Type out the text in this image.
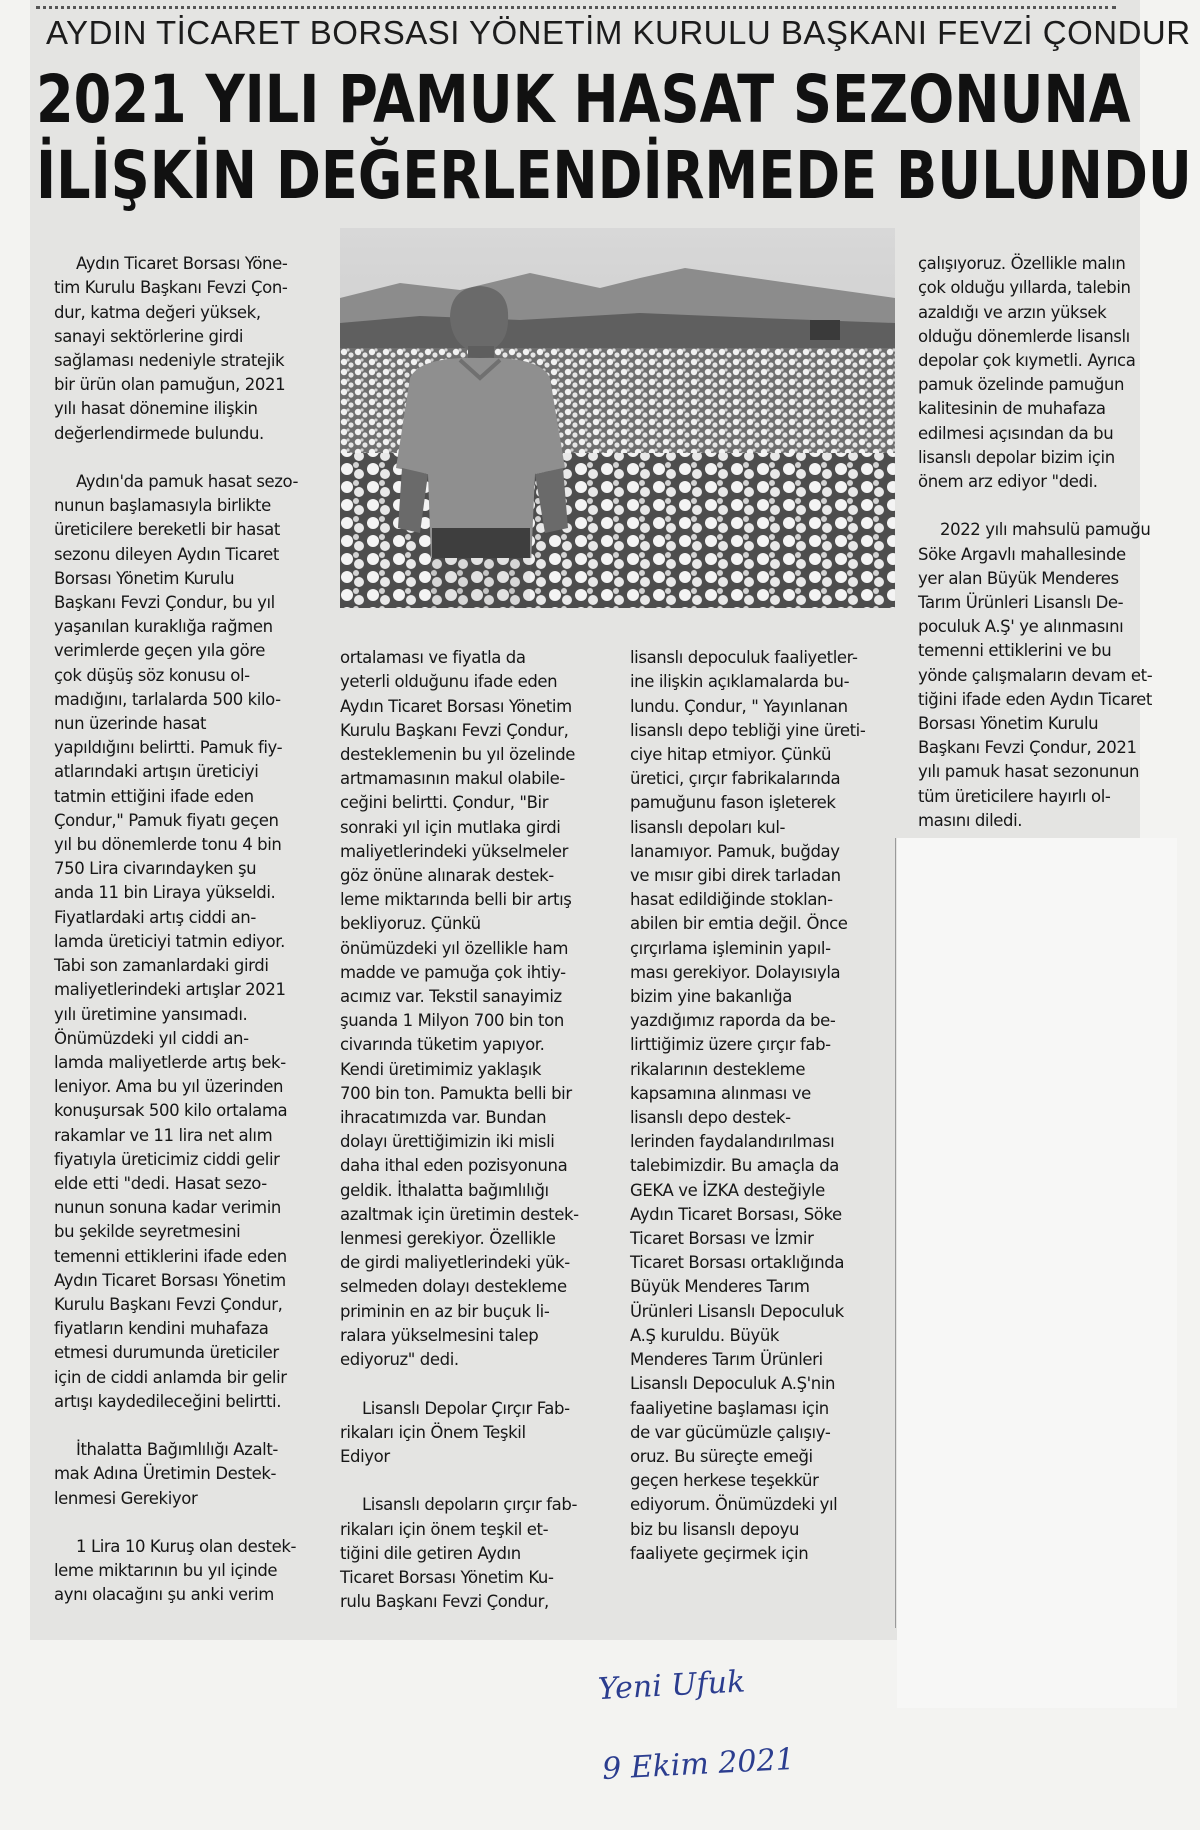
AYDIN TİCARET BORSASI YÖNETİM KURULU BAŞKANI FEVZİ ÇONDUR
2021 YILI PAMUK HASAT SEZONUNA
İLİŞKİN DEĞERLENDİRMEDE BULUNDU

Aydın Ticaret Borsası Yöne-
tim Kurulu Başkanı Fevzi Çon-
dur, katma değeri yüksek,
sanayi sektörlerine girdi
sağlaması nedeniyle stratejik
bir ürün olan pamuğun, 2021
yılı hasat dönemine ilişkin
değerlendirmede bulundu.

Aydın'da pamuk hasat sezo-
nunun başlamasıyla birlikte
üreticilere bereketli bir hasat
sezonu dileyen Aydın Ticaret
Borsası Yönetim Kurulu
Başkanı Fevzi Çondur, bu yıl
yaşanılan kuraklığa rağmen
verimlerde geçen yıla göre
çok düşüş söz konusu ol-
madığını, tarlalarda 500 kilo-
nun üzerinde hasat
yapıldığını belirtti. Pamuk fiy-
atlarındaki artışın üreticiyi
tatmin ettiğini ifade eden
Çondur," Pamuk fiyatı geçen
yıl bu dönemlerde tonu 4 bin
750 Lira civarındayken şu
anda 11 bin Liraya yükseldi.
Fiyatlardaki artış ciddi an-
lamda üreticiyi tatmin ediyor.
Tabi son zamanlardaki girdi
maliyetlerindeki artışlar 2021
yılı üretimine yansımadı.
Önümüzdeki yıl ciddi an-
lamda maliyetlerde artış bek-
leniyor. Ama bu yıl üzerinden
konuşursak 500 kilo ortalama
rakamlar ve 11 lira net alım
fiyatıyla üreticimiz ciddi gelir
elde etti "dedi. Hasat sezo-
nunun sonuna kadar verimin
bu şekilde seyretmesini
temenni ettiklerini ifade eden
Aydın Ticaret Borsası Yönetim
Kurulu Başkanı Fevzi Çondur,
fiyatların kendini muhafaza
etmesi durumunda üreticiler
için de ciddi anlamda bir gelir
artışı kaydedileceğini belirtti.

İthalatta Bağımlılığı Azalt-
mak Adına Üretimin Destek-
lenmesi Gerekiyor

1 Lira 10 Kuruş olan destek-
leme miktarının bu yıl içinde
aynı olacağını şu anki verim

ortalaması ve fiyatla da
yeterli olduğunu ifade eden
Aydın Ticaret Borsası Yönetim
Kurulu Başkanı Fevzi Çondur,
desteklemenin bu yıl özelinde
artmamasının makul olabile-
ceğini belirtti. Çondur, "Bir
sonraki yıl için mutlaka girdi
maliyetlerindeki yükselmeler
göz önüne alınarak destek-
leme miktarında belli bir artış
bekliyoruz. Çünkü
önümüzdeki yıl özellikle ham
madde ve pamuğa çok ihtiy-
acımız var. Tekstil sanayimiz
şuanda 1 Milyon 700 bin ton
civarında tüketim yapıyor.
Kendi üretimimiz yaklaşık
700 bin ton. Pamukta belli bir
ihracatımızda var. Bundan
dolayı ürettiğimizin iki misli
daha ithal eden pozisyonuna
geldik. İthalatta bağımlılığı
azaltmak için üretimin destek-
lenmesi gerekiyor. Özellikle
de girdi maliyetlerindeki yük-
selmeden dolayı destekleme
priminin en az bir buçuk li-
ralara yükselmesini talep
ediyoruz" dedi.

Lisanslı Depolar Çırçır Fab-
rikaları için Önem Teşkil
Ediyor

Lisanslı depoların çırçır fab-
rikaları için önem teşkil et-
tiğini dile getiren Aydın
Ticaret Borsası Yönetim Ku-
rulu Başkanı Fevzi Çondur,

lisanslı depoculuk faaliyetler-
ine ilişkin açıklamalarda bu-
lundu. Çondur, " Yayınlanan
lisanslı depo tebliği yine üreti-
ciye hitap etmiyor. Çünkü
üretici, çırçır fabrikalarında
pamuğunu fason işleterek
lisanslı depoları kul-
lanamıyor. Pamuk, buğday
ve mısır gibi direk tarladan
hasat edildiğinde stoklan-
abilen bir emtia değil. Önce
çırçırlama işleminin yapıl-
ması gerekiyor. Dolayısıyla
bizim yine bakanlığa
yazdığımız raporda da be-
lirttiğimiz üzere çırçır fab-
rikalarının destekleme
kapsamına alınması ve
lisanslı depo destek-
lerinden faydalandırılması
talebimizdir. Bu amaçla da
GEKA ve İZKA desteğiyle
Aydın Ticaret Borsası, Söke
Ticaret Borsası ve İzmir
Ticaret Borsası ortaklığında
Büyük Menderes Tarım
Ürünleri Lisanslı Depoculuk
A.Ş kuruldu. Büyük
Menderes Tarım Ürünleri
Lisanslı Depoculuk A.Ş'nin
faaliyetine başlaması için
de var gücümüzle çalışıy-
oruz. Bu süreçte emeği
geçen herkese teşekkür
ediyorum. Önümüzdeki yıl
biz bu lisanslı depoyu
faaliyete geçirmek için

çalışıyoruz. Özellikle malın
çok olduğu yıllarda, talebin
azaldığı ve arzın yüksek
olduğu dönemlerde lisanslı
depolar çok kıymetli. Ayrıca
pamuk özelinde pamuğun
kalitesinin de muhafaza
edilmesi açısından da bu
lisanslı depolar bizim için
önem arz ediyor "dedi.

2022 yılı mahsulü pamuğu
Söke Argavlı mahallesinde
yer alan Büyük Menderes
Tarım Ürünleri Lisanslı De-
poculuk A.Ş' ye alınmasını
temenni ettiklerini ve bu
yönde çalışmaların devam et-
tiğini ifade eden Aydın Ticaret
Borsası Yönetim Kurulu
Başkanı Fevzi Çondur, 2021
yılı pamuk hasat sezonunun
tüm üreticilere hayırlı ol-
masını diledi.

Yeni Ufuk

9 Ekim 2021
